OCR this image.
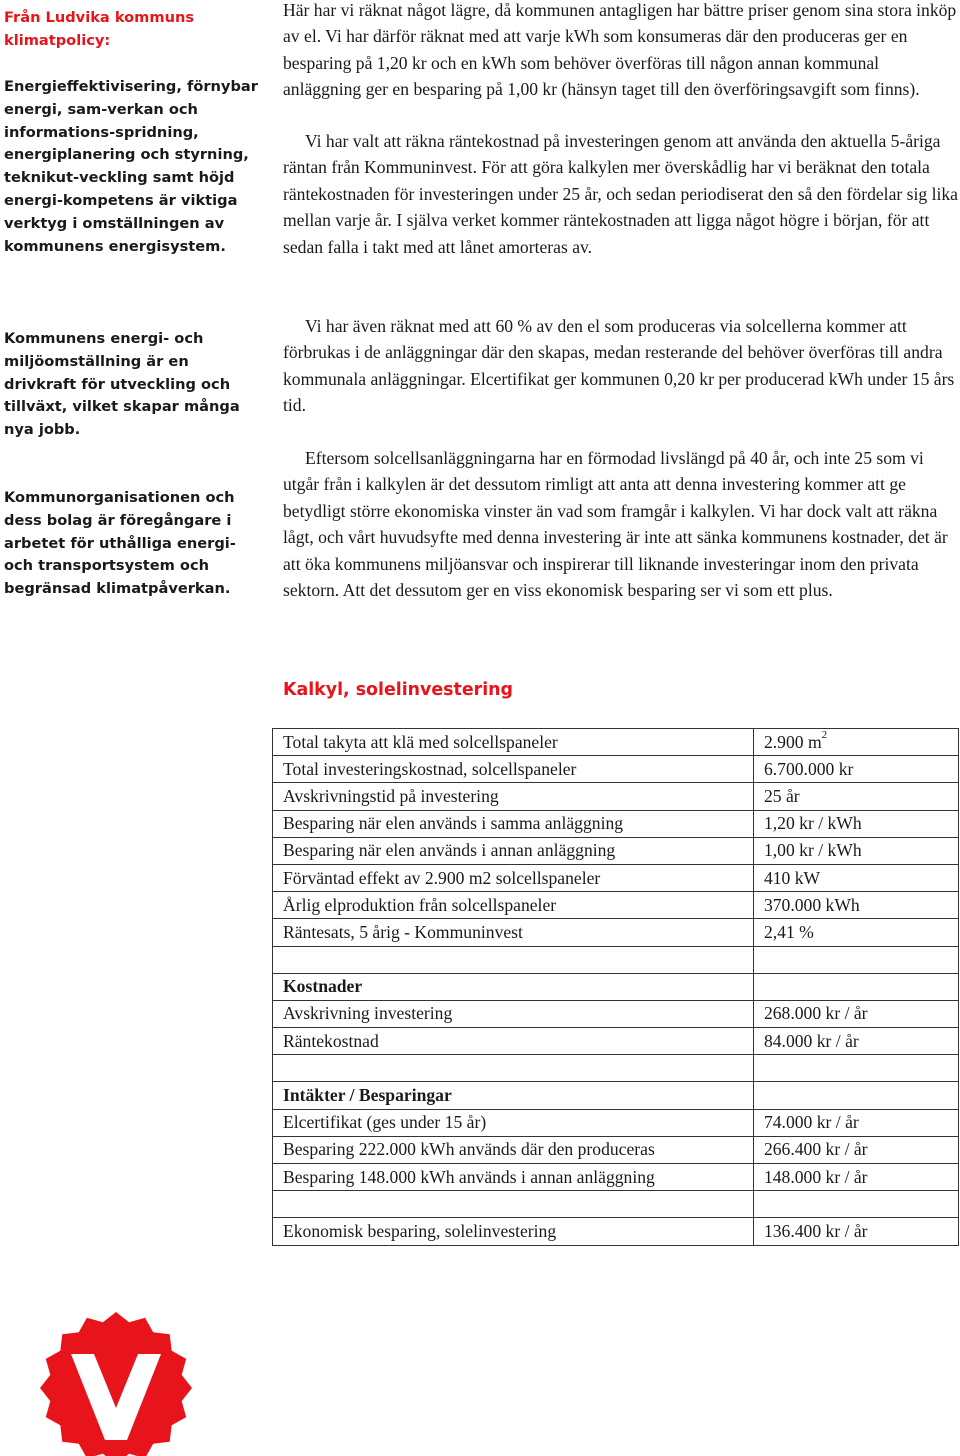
Från Ludvika kommuns klimatpolicy:
Energieffektivisering, förnybar energi, sam-verkan och informations-spridning, energiplanering och styrning, teknikut-veckling samt höjd energi-kompetens är viktiga verktyg i omställningen av kommunens energisystem.
Kommunens energi- och miljöomställning är en drivkraft för utveckling och tillväxt, vilket skapar många nya jobb.
Kommunorganisationen och dess bolag är föregångare i arbetet för uthålliga energi- och transportsystem och begränsad klimatpåverkan.

Här har vi räknat något lägre, då kommunen antagligen har bättre priser genom sina stora inköp av el. Vi har därför räknat med att varje kWh som konsumeras där den produceras ger en besparing på 1,20 kr och en kWh som behöver överföras till någon annan kommunal anläggning ger en besparing på 1,00 kr (hänsyn taget till den överföringsavgift som finns).

Vi har valt att räkna räntekostnad på investeringen genom att använda den aktuella 5-åriga räntan från Kommuninvest. För att göra kalkylen mer överskådlig har vi beräknat den totala räntekostnaden för investeringen under 25 år, och sedan periodiserat den så den fördelar sig lika mellan varje år. I själva verket kommer räntekostnaden att ligga något högre i början, för att sedan falla i takt med att lånet amorteras av.

Vi har även räknat med att 60 % av den el som produceras via solcellerna kommer att förbrukas i de anläggningar där den skapas, medan resterande del behöver överföras till andra kommunala anläggningar. Elcertifikat ger kommunen 0,20 kr per producerad kWh under 15 års tid.

Eftersom solcellsanläggningarna har en förmodad livslängd på 40 år, och inte 25 som vi utgår från i kalkylen är det dessutom rimligt att anta att denna investering kommer att ge betydligt större ekonomiska vinster än vad som framgår i kalkylen. Vi har dock valt att räkna lågt, och vårt huvudsyfte med denna investering är inte att sänka kommunens kostnader, det är att öka kommunens miljöansvar och inspirerar till liknande investeringar inom den privata sektorn. Att det dessutom ger en viss ekonomisk besparing ser vi som ett plus.

Kalkyl, solelinvestering
Total takyta att klä med solcellspaneler	2.900 $m^2$
Total investeringskostnad, solcellspaneler	6.700.000 kr
Avskrivningstid på investering	25 år
Besparing när elen används i samma anläggning	1,20 kr / kWh
Besparing när elen används i annan anläggning	1,00 kr / kWh
Förväntad effekt av 2.900 m2 solcellspaneler	410 kW
Årlig elproduktion från solcellspaneler	370.000 kWh
Räntesats, 5 årig - Kommuninvest	2,41 %

Kostnader	
Avskrivning investering	268.000 kr / år
Räntekostnad	84.000 kr / år

Intäkter / Besparingar	
Elcertifikat (ges under 15 år)	74.000 kr / år
Besparing 222.000 kWh används där den produceras	266.400 kr / år
Besparing 148.000 kWh används i annan anläggning	148.000 kr / år

Ekonomisk besparing, solelinvestering	136.400 kr / år
